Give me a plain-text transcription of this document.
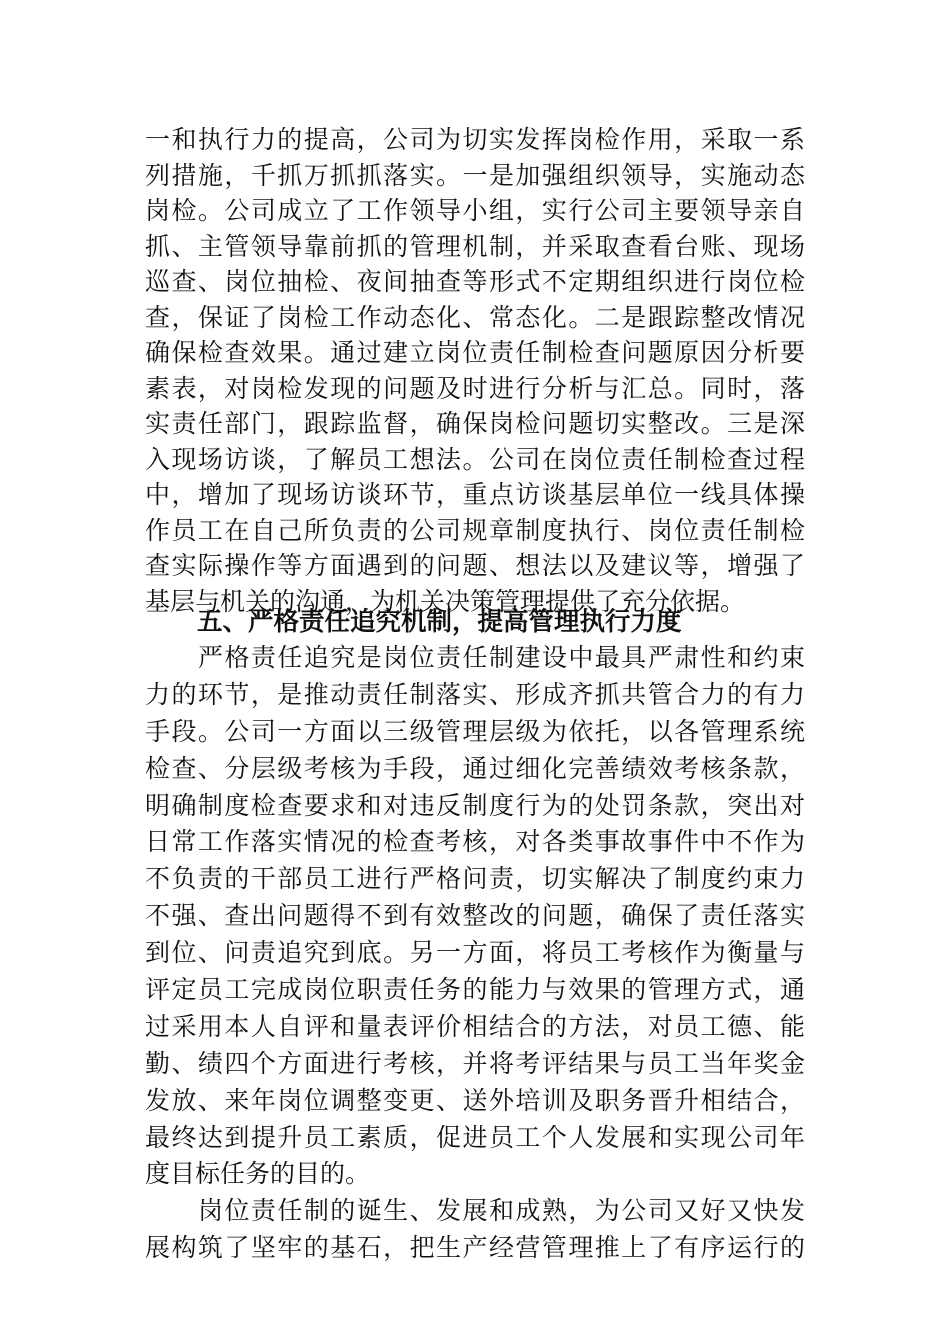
一和执行力的提高，公司为切实发挥岗检作用，采取一系
列措施，千抓万抓抓落实。一是加强组织领导，实施动态
岗检。公司成立了工作领导小组，实行公司主要领导亲自
抓、主管领导靠前抓的管理机制，并采取查看台账、现场
巡查、岗位抽检、夜间抽查等形式不定期组织进行岗位检
查，保证了岗检工作动态化、常态化。二是跟踪整改情况
确保检查效果。通过建立岗位责任制检查问题原因分析要
素表，对岗检发现的问题及时进行分析与汇总。同时，落
实责任部门，跟踪监督，确保岗检问题切实整改。三是深
入现场访谈，了解员工想法。公司在岗位责任制检查过程
中，增加了现场访谈环节，重点访谈基层单位一线具体操
作员工在自己所负责的公司规章制度执行、岗位责任制检
查实际操作等方面遇到的问题、想法以及建议等，增强了
基层与机关的沟通，为机关决策管理提供了充分依据。
五、严格责任追究机制，提高管理执行力度
严格责任追究是岗位责任制建设中最具严肃性和约束
力的环节，是推动责任制落实、形成齐抓共管合力的有力
手段。公司一方面以三级管理层级为依托，以各管理系统
检查、分层级考核为手段，通过细化完善绩效考核条款，
明确制度检查要求和对违反制度行为的处罚条款，突出对
日常工作落实情况的检查考核，对各类事故事件中不作为
不负责的干部员工进行严格问责，切实解决了制度约束力
不强、查出问题得不到有效整改的问题，确保了责任落实
到位、问责追究到底。另一方面，将员工考核作为衡量与
评定员工完成岗位职责任务的能力与效果的管理方式，通
过采用本人自评和量表评价相结合的方法，对员工德、能
勤、绩四个方面进行考核，并将考评结果与员工当年奖金
发放、来年岗位调整变更、送外培训及职务晋升相结合，
最终达到提升员工素质，促进员工个人发展和实现公司年
度目标任务的目的。
岗位责任制的诞生、发展和成熟，为公司又好又快发
展构筑了坚牢的基石，把生产经营管理推上了有序运行的
